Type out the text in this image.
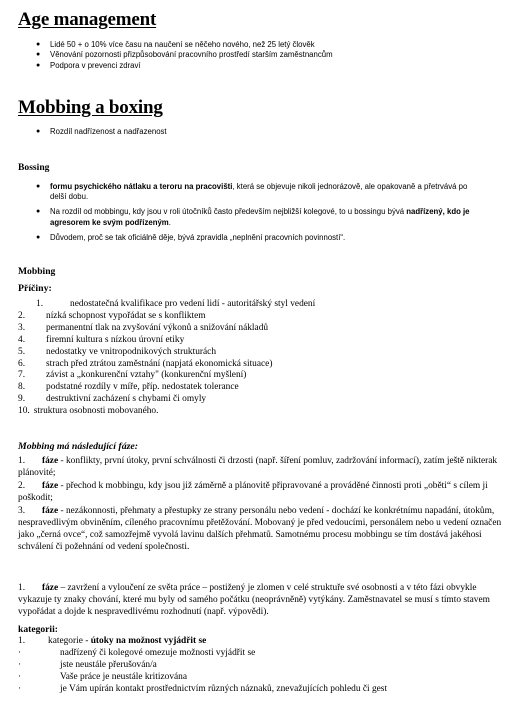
Age management
● Lidé 50 + o 10% více času na naučení se něčeho nového, než 25 letý člověk
● Věnování pozornosti přizpůsobování pracovního prostředí starším zaměstnancům
● Podpora v prevenci zdraví
Mobbing a boxing
● Rozdíl nadřízenost a nadřazenost
Bossing
● formu psychického nátlaku a teroru na pracovišti, která se objevuje nikoli jednorázově, ale opakovaně a přetrvává po delší dobu.
● Na rozdíl od mobbingu, kdy jsou v roli útočníků často především nejbližší kolegové, to u bossingu bývá nadřízený, kdo je agresorem ke svým podřízeným.
● Důvodem, proč se tak oficiálně děje, bývá zpravidla „neplnění pracovních povinností“.
Mobbing
Příčiny:
1.	nedostatečná kvalifikace pro vedení lidí - autoritářský styl vedení
2. nízká schopnost vypořádat se s konfliktem
3. permanentní tlak na zvyšování výkonů a snižování nákladů
4. firemní kultura s nízkou úrovní etiky
5. nedostatky ve vnitropodnikových strukturách
6. strach před ztrátou zaměstnání (napjatá ekonomická situace)
7. závist a „konkurenční vztahy" (konkurenční myšlení)
8. podstatné rozdíly v míře, příp. nedostatek tolerance
9. destruktivní zacházení s chybami či omyly
10. struktura osobnosti mobovaného.
Mobbing má následující fáze:
1. fáze - konflikty, první útoky, první schválnosti či drzosti (např. šíření pomluv, zadržování informací), zatím ještě nikterak plánovité;
2. fáze - přechod k mobbingu, kdy jsou již záměrně a plánovitě připravované a prováděné činnosti proti „oběti“ s cílem ji poškodit;
3. fáze - nezákonnosti, přehmaty a přestupky ze strany personálu nebo vedení - dochází ke konkrétnímu napadání, útokům, nespravedlivým obviněním, cíleného pracovnímu přetěžování. Mobovaný je před vedoucími, personálem nebo u vedení označen jako „černá ovce“, což samozřejmě vyvolá lavinu dalších přehmatů. Samotnému procesu mobbingu se tím dostává jakéhosi schválení či požehnání od vedení společnosti.
1. fáze – zavržení a vyloučení ze světa práce – postižený je zlomen v celé struktuře své osobnosti a v této fázi obvykle vykazuje ty znaky chování, které mu byly od samého počátku (neoprávněně) vytýkány. Zaměstnavatel se musí s tímto stavem vypořádat a dojde k nespravedlivému rozhodnutí (např. výpovědi).
kategorii:
1. kategorie - útoky na možnost vyjádřit se
·	nadřízený či kolegové omezuje možnosti vyjádřit se
·	jste neustále přerušován/a
·	Vaše práce je neustále kritizována
·	je Vám upírán kontakt prostřednictvím různých náznaků, znevažujících pohledu či gest
